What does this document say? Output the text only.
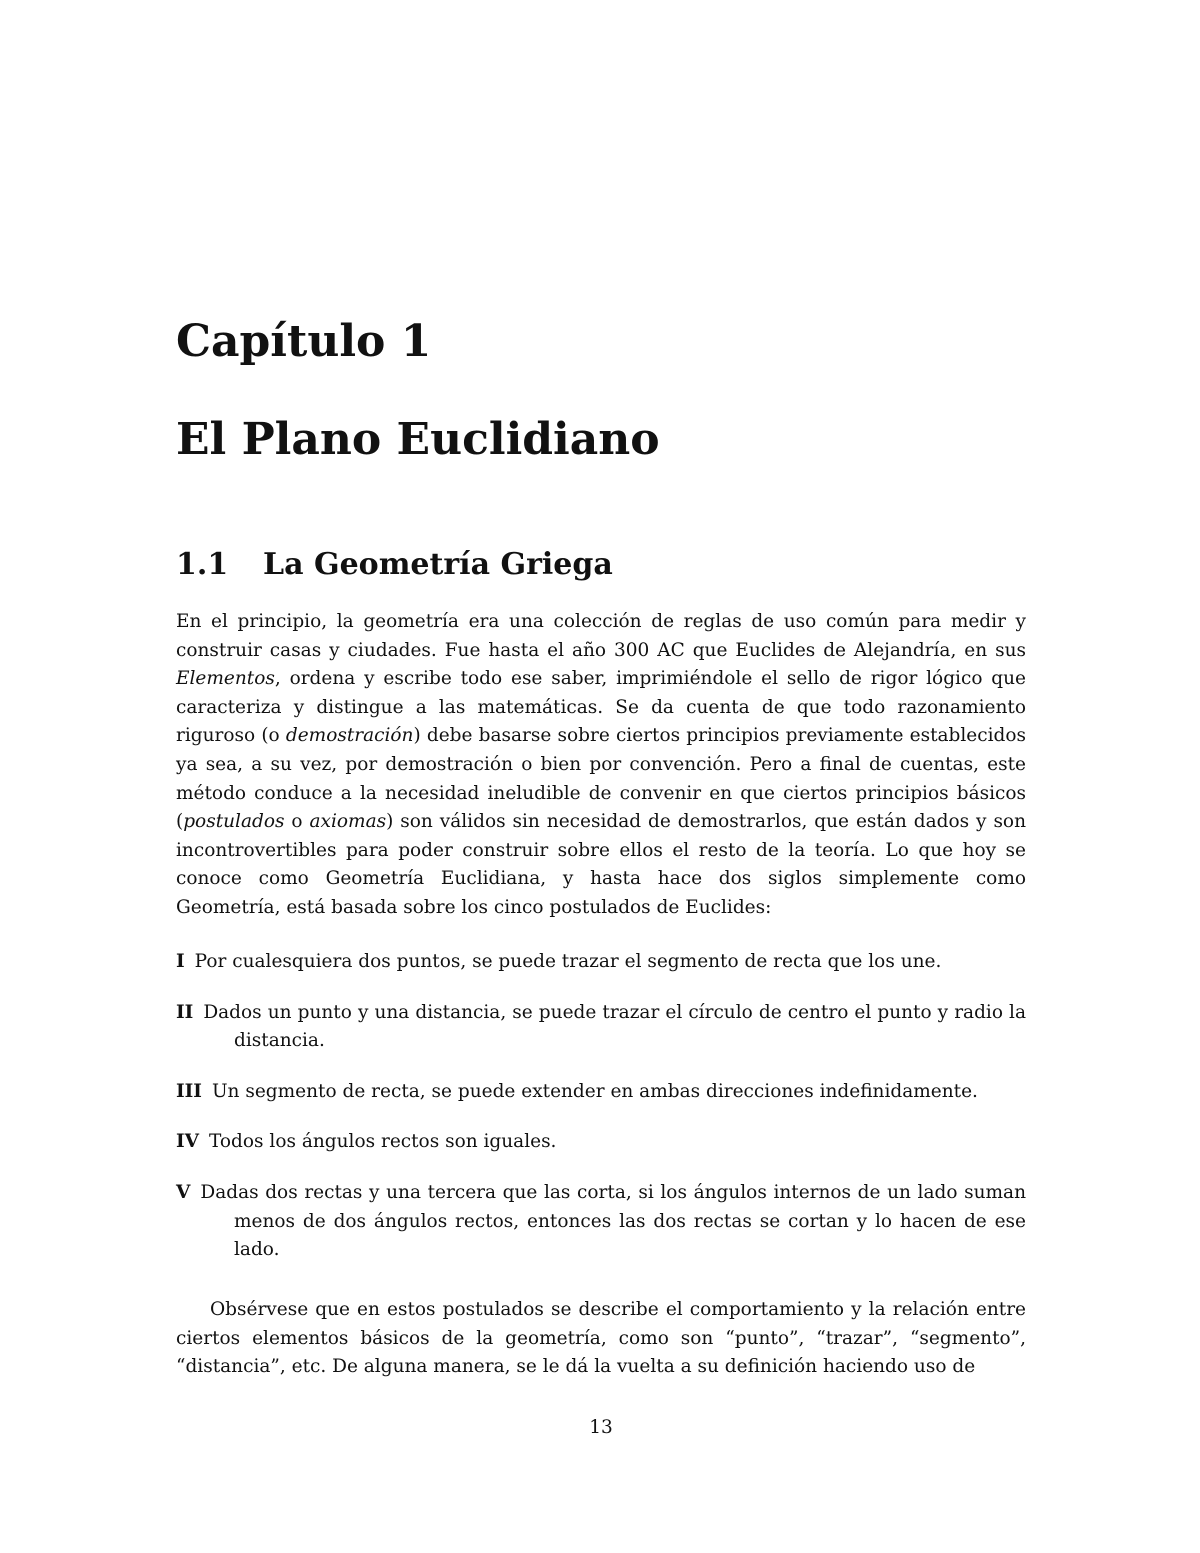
Capítulo 1
El Plano Euclidiano
1.1 La Geometría Griega

En el principio, la geometría era una colección de reglas de uso común para medir y construir casas y ciudades. Fue hasta el año 300 AC que Euclides de Alejandría, en sus Elementos, ordena y escribe todo ese saber, imprimiéndole el sello de rigor lógico que caracteriza y distingue a las matemáticas. Se da cuenta de que todo razonamiento riguroso (o demostración) debe basarse sobre ciertos principios previamente establecidos ya sea, a su vez, por demostración o bien por convención. Pero a final de cuentas, este método conduce a la necesidad ineludible de convenir en que ciertos principios básicos (postulados o axiomas) son válidos sin necesidad de demostrarlos, que están dados y son incontrovertibles para poder construir sobre ellos el resto de la teoría. Lo que hoy se conoce como Geometría Euclidiana, y hasta hace dos siglos simplemente como Geometría, está basada sobre los cinco postulados de Euclides:

I Por cualesquiera dos puntos, se puede trazar el segmento de recta que los une.
II Dados un punto y una distancia, se puede trazar el círculo de centro el punto y radio la distancia.
III Un segmento de recta, se puede extender en ambas direcciones indefinidamente.
IV Todos los ángulos rectos son iguales.
V Dadas dos rectas y una tercera que las corta, si los ángulos internos de un lado suman menos de dos ángulos rectos, entonces las dos rectas se cortan y lo hacen de ese lado.

Obsérvese que en estos postulados se describe el comportamiento y la relación entre ciertos elementos básicos de la geometría, como son “punto”, “trazar”, “segmento”, “distancia”, etc. De alguna manera, se le dá la vuelta a su definición haciendo uso de

13
